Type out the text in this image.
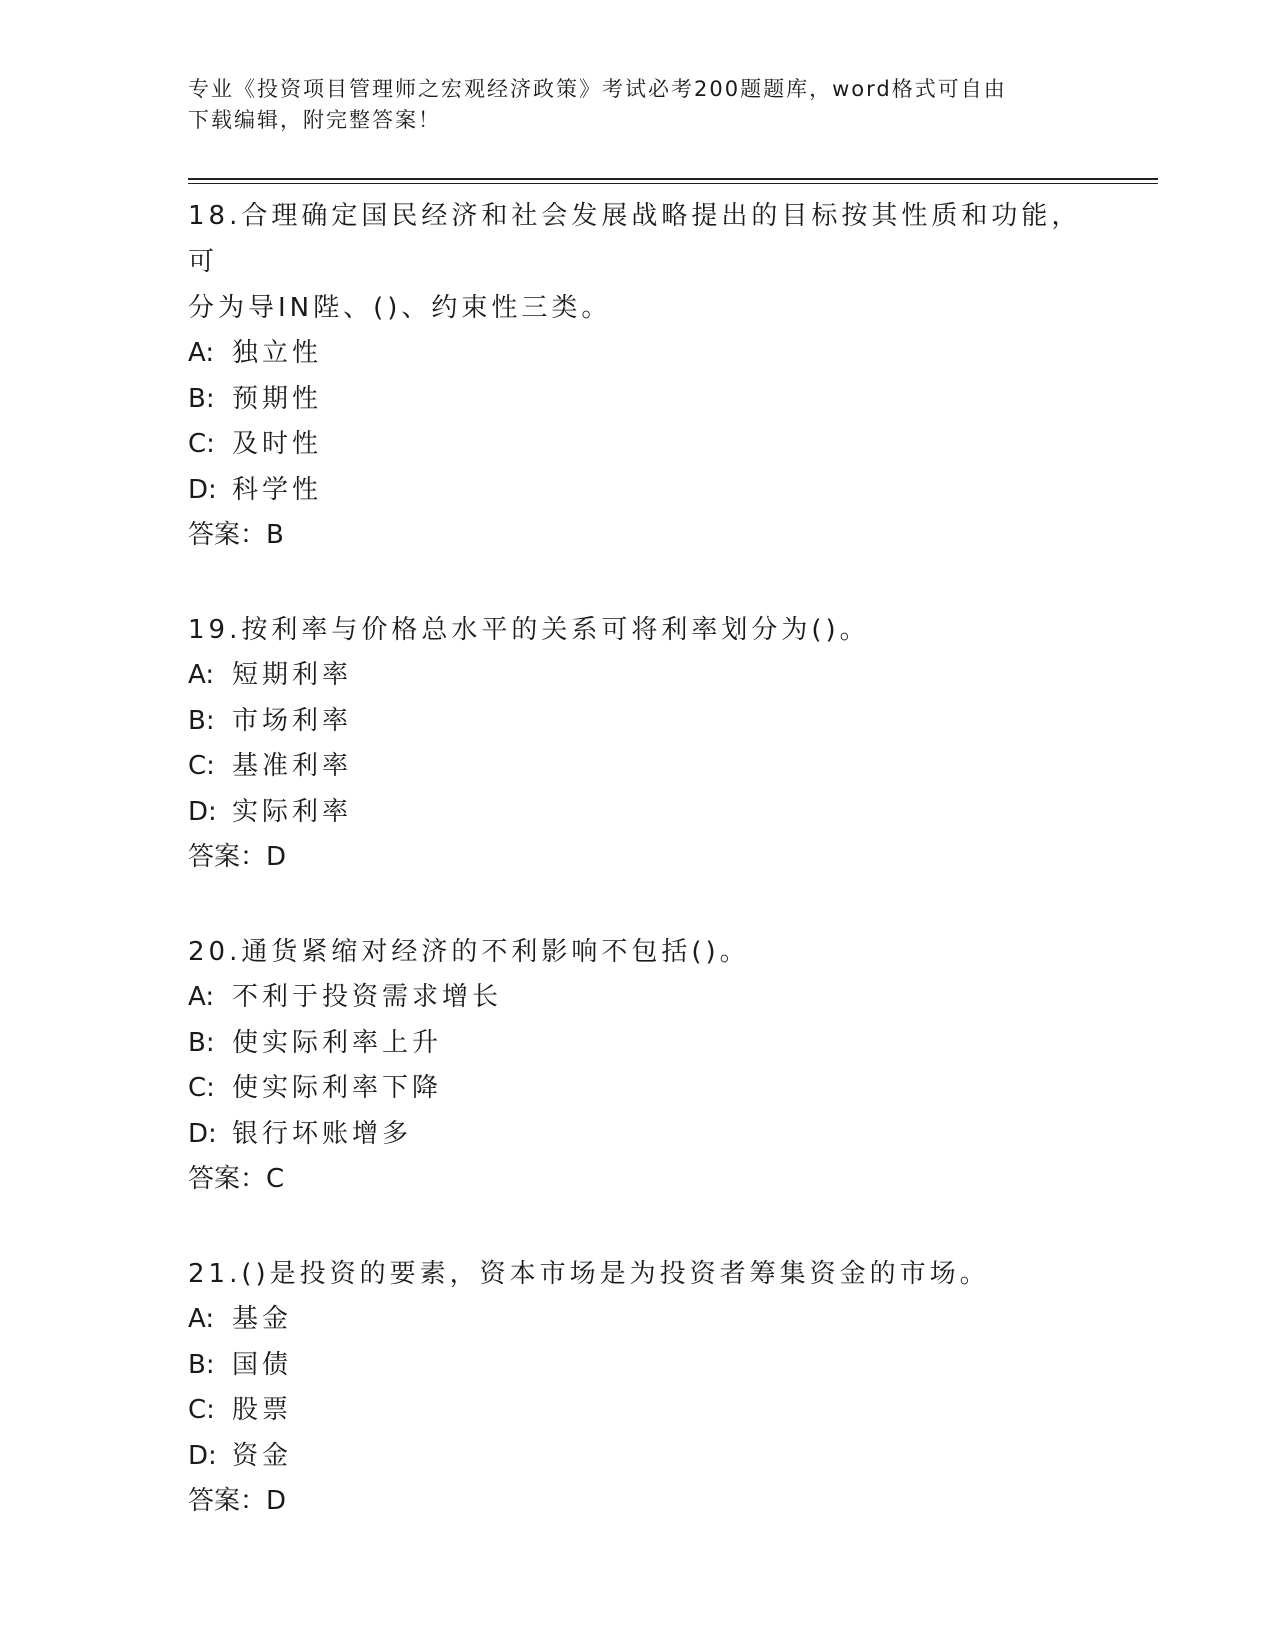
专业《投资项目管理师之宏观经济政策》考试必考200题题库，word格式可自由
下载编辑，附完整答案！

18.合理确定国民经济和社会发展战略提出的目标按其性质和功能，可

分为导IN陛、()、约束性三类。

A: 独立性

B: 预期性

C: 及时性

D: 科学性

答案：B

19.按利率与价格总水平的关系可将利率划分为()。

A: 短期利率

B: 市场利率

C: 基准利率

D: 实际利率

答案：D

20.通货紧缩对经济的不利影响不包括()。

A: 不利于投资需求增长

B: 使实际利率上升

C: 使实际利率下降

D: 银行坏账增多

答案：C

21.()是投资的要素，资本市场是为投资者筹集资金的市场。

A: 基金

B: 国债

C: 股票

D: 资金

答案：D
